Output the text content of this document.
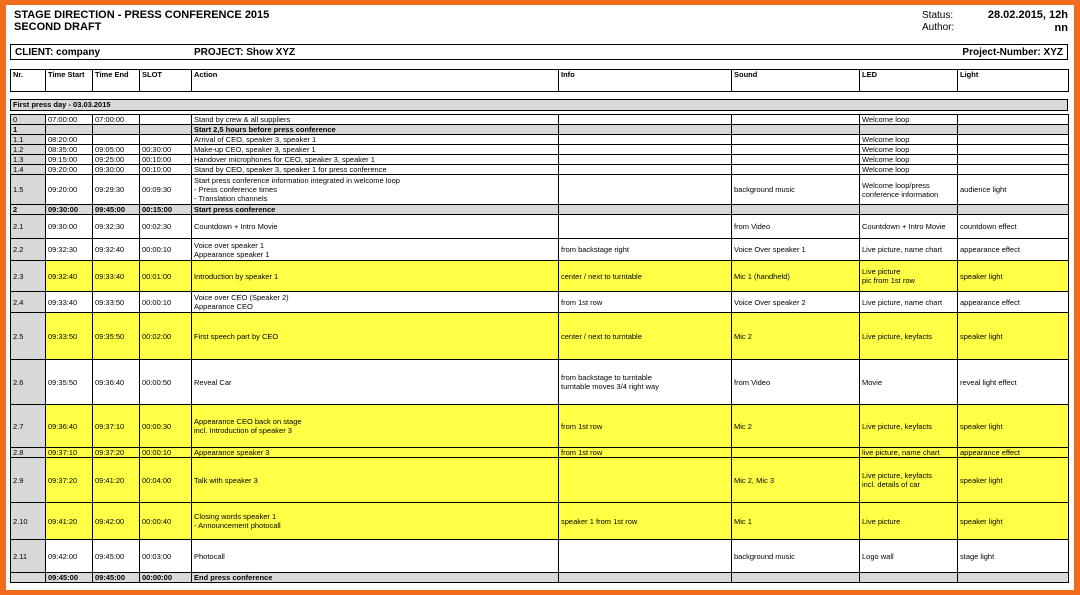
STAGE DIRECTION - PRESS CONFERENCE 2015
SECOND DRAFT
Status:	28.02.2015, 12h
Author:	nn
CLIENT: company	PROJECT: Show XYZ	Project-Number: XYZ
Nr.	Time Start	Time End	SLOT	Action	Info	Sound	LED	Light
First press day - 03.03.2015
0	07:00:00	07:00:00		Stand by crew & all suppliers			Welcome loop	
1				Start 2,5 hours before press conference				
1.1	08:20:00			Arrival of CEO, speaker 3, speaker 1			Welcome loop	
1.2	08:35:00	09:05:00	00:30:00	Make-up CEO, speaker 3, speaker 1			Welcome loop	
1.3	09:15:00	09:25:00	00:10:00	Handover microphones for CEO, speaker 3, speaker 1			Welcome loop	
1.4	09:20:00	09:30:00	00:10:00	Stand by CEO, speaker 3, speaker 1 for press conference			Welcome loop	
1.5	09:20:00	09:29:30	00:09:30	Start press conference information integrated in welcome loop
- Press conference times
- Translation channels		background music	Welcome loop/press
conference information	audience light
2	09:30:00	09:45:00	00:15:00	Start press conference				
2.1	09:30:00	09:32:30	00:02:30	Countdown + Intro Movie		from Video	Countdown + Intro Movie	countdown effect
2.2	09:32:30	09:32:40	00:00:10	Voice over speaker 1
Appearance speaker 1	from backstage right	Voice Over speaker 1	Live picture, name chart	appearance effect
2.3	09:32:40	09:33:40	00:01:00	Introduction by speaker 1	center / next to turntable	Mic 1 (handheld)	Live picture
pic from 1st row	speaker light
2.4	09:33:40	09:33:50	00:00:10	Voice over CEO (Speaker 2)
Appearance CEO	from 1st row	Voice Over speaker 2	Live picture, name chart	appearance effect
2.5	09:33:50	09:35:50	00:02:00	First speech part by CEO	center / next to turntable	Mic 2	Live picture, keyfacts	speaker light
2.6	09:35:50	09:36:40	00:00:50	Reveal Car	from backstage to turntable
turntable moves 3/4 right way	from Video	Movie	reveal light effect
2.7	09:36:40	09:37:10	00:00:30	Appearance CEO back on stage
incl. Introduction of speaker 3	from 1st row	Mic 2	Live picture, keyfacts	speaker light
2.8	09:37:10	09:37:20	00:00:10	Appearance speaker 3	from 1st row		live picture, name chart	appearance effect
2.9	09:37:20	09:41:20	00:04:00	Talk with speaker 3		Mic 2, Mic 3	Live picture, keyfacts
incl. details of car	speaker light
2.10	09:41:20	09:42:00	00:00:40	Closing words speaker 1
- Announcement photocall	speaker 1 from 1st row	Mic 1	Live picture	speaker light
2.11	09:42:00	09:45:00	00:03:00	Photocall		background music	Logo wall	stage light
	09:45:00	09:45:00	00:00:00	End press conference				
